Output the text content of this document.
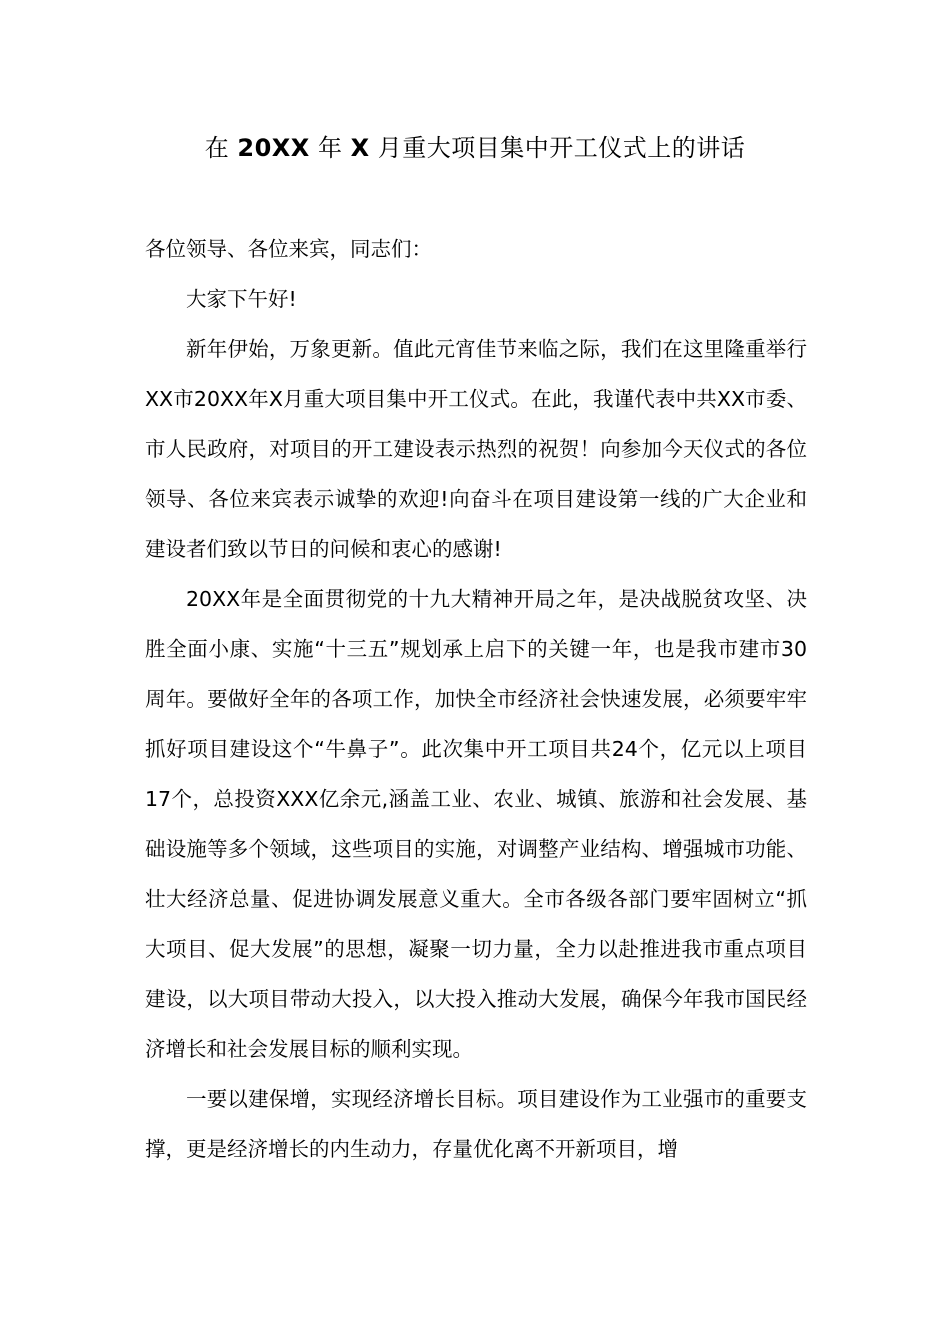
在 20XX 年 X 月重大项目集中开工仪式上的讲话

各位领导、各位来宾，同志们：

大家下午好!

新年伊始，万象更新。值此元宵佳节来临之际，我们在这里隆重举行XX市20XX年X月重大项目集中开工仪式。在此，我谨代表中共XX市委、市人民政府，对项目的开工建设表示热烈的祝贺！向参加今天仪式的各位领导、各位来宾表示诚挚的欢迎!向奋斗在项目建设第一线的广大企业和建设者们致以节日的问候和衷心的感谢!

20XX年是全面贯彻党的十九大精神开局之年，是决战脱贫攻坚、决胜全面小康、实施“十三五”规划承上启下的关键一年，也是我市建市30周年。要做好全年的各项工作，加快全市经济社会快速发展，必须要牢牢抓好项目建设这个“牛鼻子”。此次集中开工项目共24个，亿元以上项目17个，总投资XXX亿余元,涵盖工业、农业、城镇、旅游和社会发展、基础设施等多个领域，这些项目的实施，对调整产业结构、增强城市功能、壮大经济总量、促进协调发展意义重大。全市各级各部门要牢固树立“抓大项目、促大发展”的思想，凝聚一切力量，全力以赴推进我市重点项目建设，以大项目带动大投入，以大投入推动大发展，确保今年我市国民经济增长和社会发展目标的顺利实现。

一要以建保增，实现经济增长目标。项目建设作为工业强市的重要支撑，更是经济增长的内生动力，存量优化离不开新项目，增
